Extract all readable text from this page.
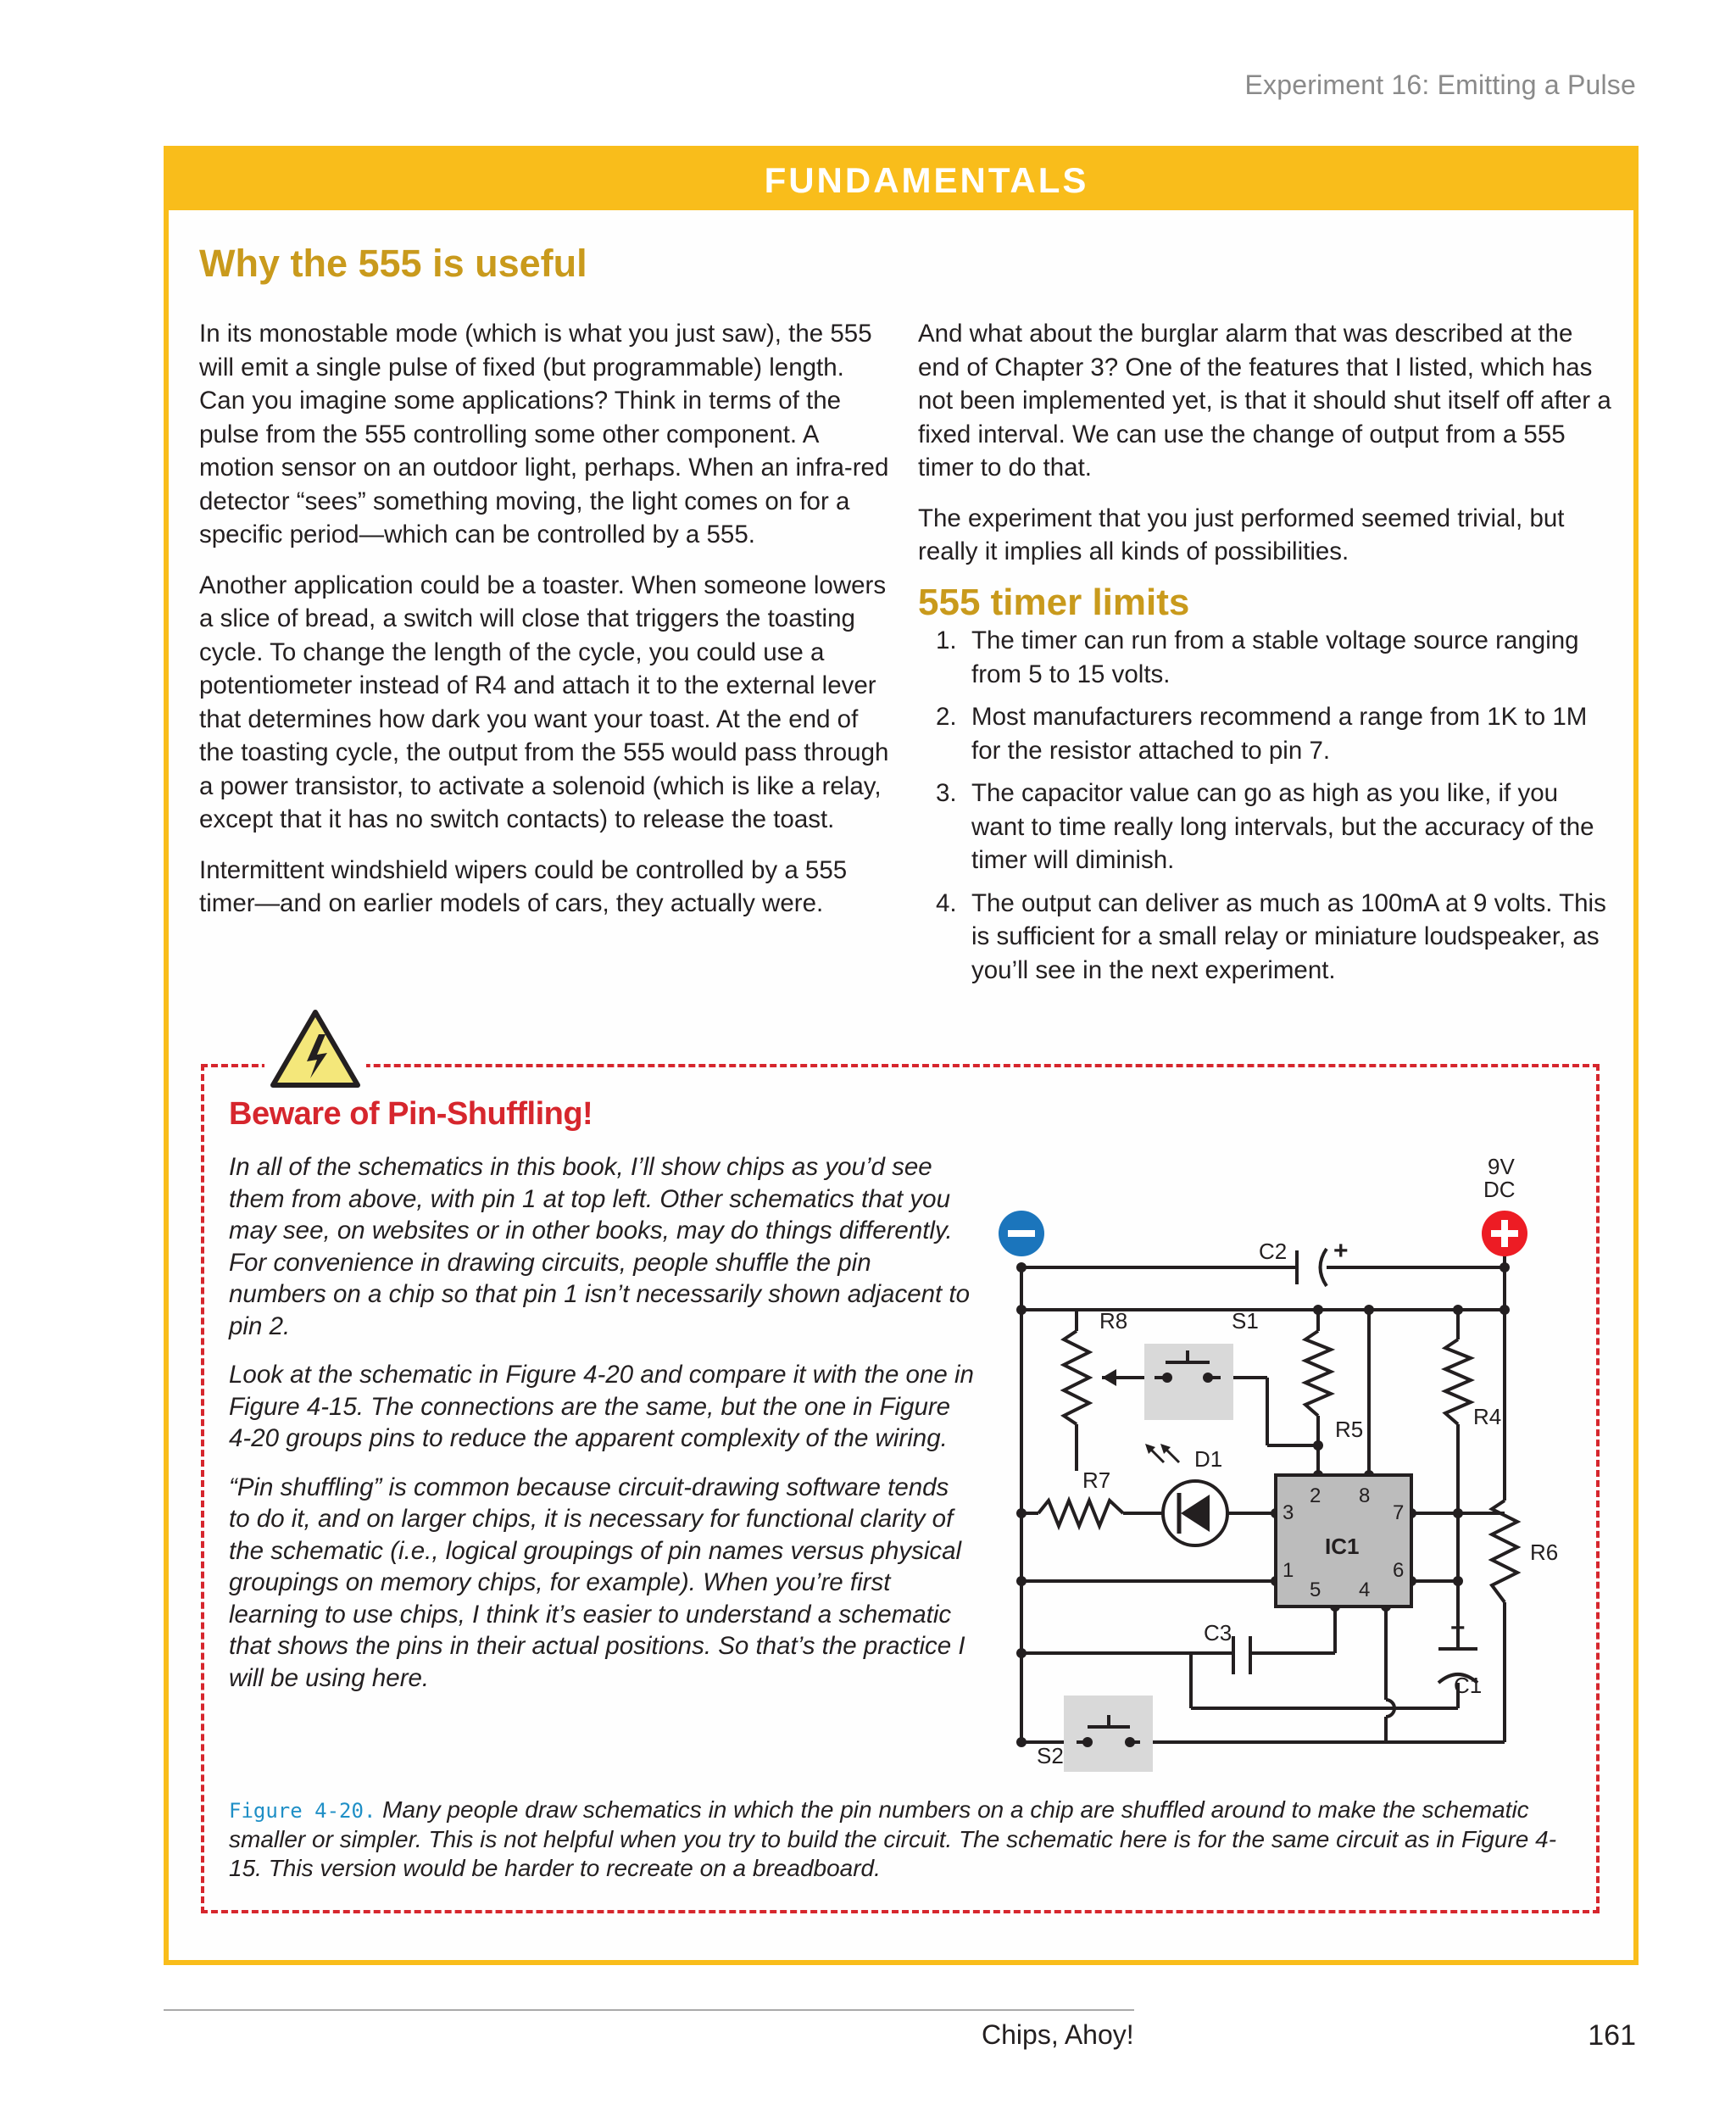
Experiment 16: Emitting a Pulse
FUNDAMENTALS
Why the 555 is useful

In its monostable mode (which is what you just saw), the 555 will emit a single pulse of fixed (but programmable) length. Can you imagine some applications? Think in terms of the pulse from the 555 controlling some other component. A motion sensor on an outdoor light, perhaps. When an infra-red detector “sees” something moving, the light comes on for a specific period—which can be controlled by a 555.

Another application could be a toaster. When someone lowers a slice of bread, a switch will close that triggers the toasting cycle. To change the length of the cycle, you could use a potentiometer instead of R4 and attach it to the external lever that determines how dark you want your toast. At the end of the toasting cycle, the output from the 555 would pass through a power transistor, to activate a solenoid (which is like a relay, except that it has no switch contacts) to release the toast.

Intermittent windshield wipers could be controlled by a 555 timer—and on earlier models of cars, they actually were.

And what about the burglar alarm that was described at the end of Chapter 3? One of the features that I listed, which has not been implemented yet, is that it should shut itself off after a fixed interval. We can use the change of output from a 555 timer to do that.

The experiment that you just performed seemed trivial, but really it implies all kinds of possibilities.

555 timer limits
1. The timer can run from a stable voltage source ranging from 5 to 15 volts.
2. Most manufacturers recommend a range from 1K to 1M for the resistor attached to pin 7.
3. The capacitor value can go as high as you like, if you want to time really long intervals, but the accuracy of the timer will diminish.
4. The output can deliver as much as 100mA at 9 volts. This is sufficient for a small relay or miniature loudspeaker, as you’ll see in the next experiment.
Beware of Pin-Shuffling!

In all of the schematics in this book, I’ll show chips as you’d see them from above, with pin 1 at top left. Other schematics that you may see, on websites or in other books, may do things differently. For convenience in drawing circuits, people shuffle the pin numbers on a chip so that pin 1 isn’t necessarily shown adjacent to pin 2.

Look at the schematic in Figure 4-20 and compare it with the one in Figure 4-15. The connections are the same, but the one in Figure 4-20 groups pins to reduce the apparent complexity of the wiring.

“Pin shuffling” is common because circuit-drawing software tends to do it, and on larger chips, it is necessary for functional clarity of the schematic (i.e., logical groupings of pin names versus physical groupings on memory chips, for example). When you’re first learning to use chips, I think it’s easier to understand a schematic that shows the pins in their actual positions. So that’s the practice I will be using here.

9V
DC
C2 +
R8	S1
R5	R4
D1
R7
IC1	R6
C3	+
C1
S2
2 8
3	7
1	6
5 4
Figure 4-20. Many people draw schematics in which the pin numbers on a chip are shuffled around to make the schematic smaller or simpler. This is not helpful when you try to build the circuit. The schematic here is for the same circuit as in Figure 4-15. This version would be harder to recreate on a breadboard.
Chips, Ahoy!	161
